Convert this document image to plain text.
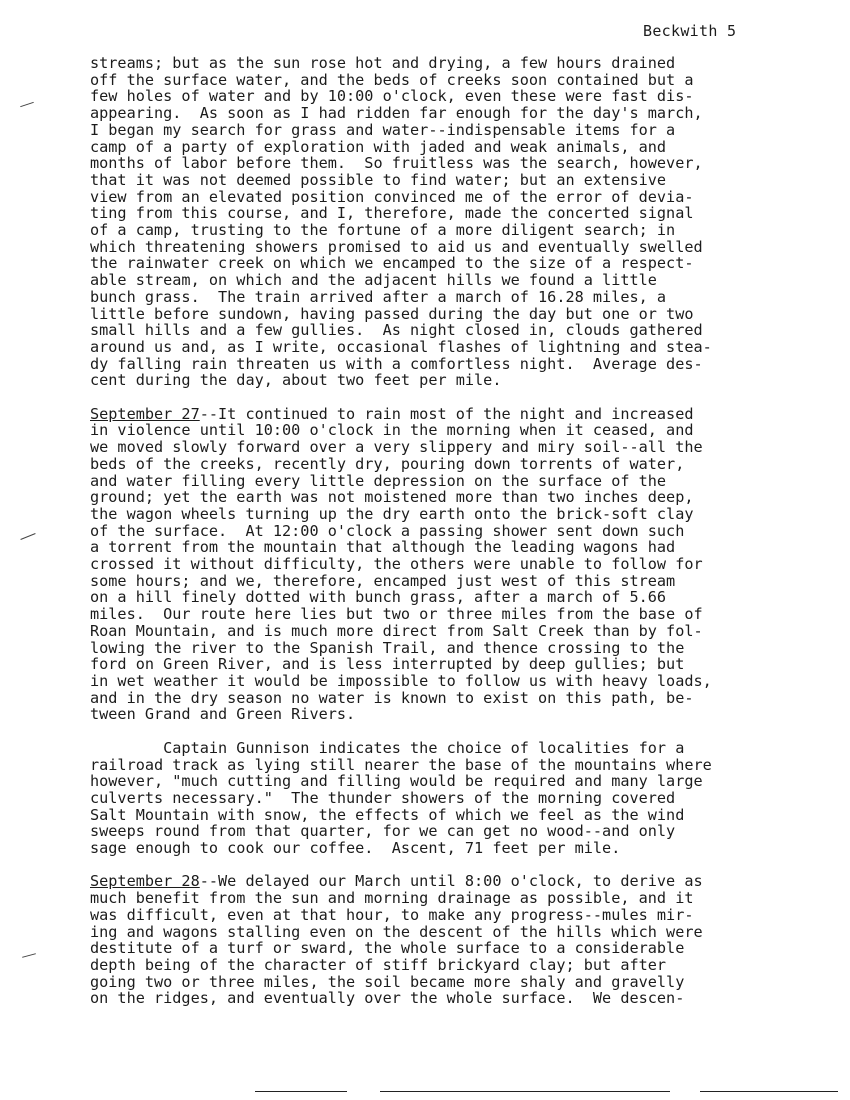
Beckwith 5

streams; but as the sun rose hot and drying, a few hours drained
off the surface water, and the beds of creeks soon contained but a
few holes of water and by 10:00 o'clock, even these were fast dis-
appearing.  As soon as I had ridden far enough for the day's march,
I began my search for grass and water--indispensable items for a
camp of a party of exploration with jaded and weak animals, and
months of labor before them.  So fruitless was the search, however,
that it was not deemed possible to find water; but an extensive
view from an elevated position convinced me of the error of devia-
ting from this course, and I, therefore, made the concerted signal
of a camp, trusting to the fortune of a more diligent search; in
which threatening showers promised to aid us and eventually swelled
the rainwater creek on which we encamped to the size of a respect-
able stream, on which and the adjacent hills we found a little
bunch grass.  The train arrived after a march of 16.28 miles, a
little before sundown, having passed during the day but one or two
small hills and a few gullies.  As night closed in, clouds gathered
around us and, as I write, occasional flashes of lightning and stea-
dy falling rain threaten us with a comfortless night.  Average des-
cent during the day, about two feet per mile.

September 27--It continued to rain most of the night and increased
in violence until 10:00 o'clock in the morning when it ceased, and
we moved slowly forward over a very slippery and miry soil--all the
beds of the creeks, recently dry, pouring down torrents of water,
and water filling every little depression on the surface of the
ground; yet the earth was not moistened more than two inches deep,
the wagon wheels turning up the dry earth onto the brick-soft clay
of the surface.  At 12:00 o'clock a passing shower sent down such
a torrent from the mountain that although the leading wagons had
crossed it without difficulty, the others were unable to follow for
some hours; and we, therefore, encamped just west of this stream
on a hill finely dotted with bunch grass, after a march of 5.66
miles.  Our route here lies but two or three miles from the base of
Roan Mountain, and is much more direct from Salt Creek than by fol-
lowing the river to the Spanish Trail, and thence crossing to the
ford on Green River, and is less interrupted by deep gullies; but
in wet weather it would be impossible to follow us with heavy loads,
and in the dry season no water is known to exist on this path, be-
tween Grand and Green Rivers.

Captain Gunnison indicates the choice of localities for a
railroad track as lying still nearer the base of the mountains where
however, "much cutting and filling would be required and many large
culverts necessary."  The thunder showers of the morning covered
Salt Mountain with snow, the effects of which we feel as the wind
sweeps round from that quarter, for we can get no wood--and only
sage enough to cook our coffee.  Ascent, 71 feet per mile.

September 28--We delayed our March until 8:00 o'clock, to derive as
much benefit from the sun and morning drainage as possible, and it
was difficult, even at that hour, to make any progress--mules mir-
ing and wagons stalling even on the descent of the hills which were
destitute of a turf or sward, the whole surface to a considerable
depth being of the character of stiff brickyard clay; but after
going two or three miles, the soil became more shaly and gravelly
on the ridges, and eventually over the whole surface.  We descen-
